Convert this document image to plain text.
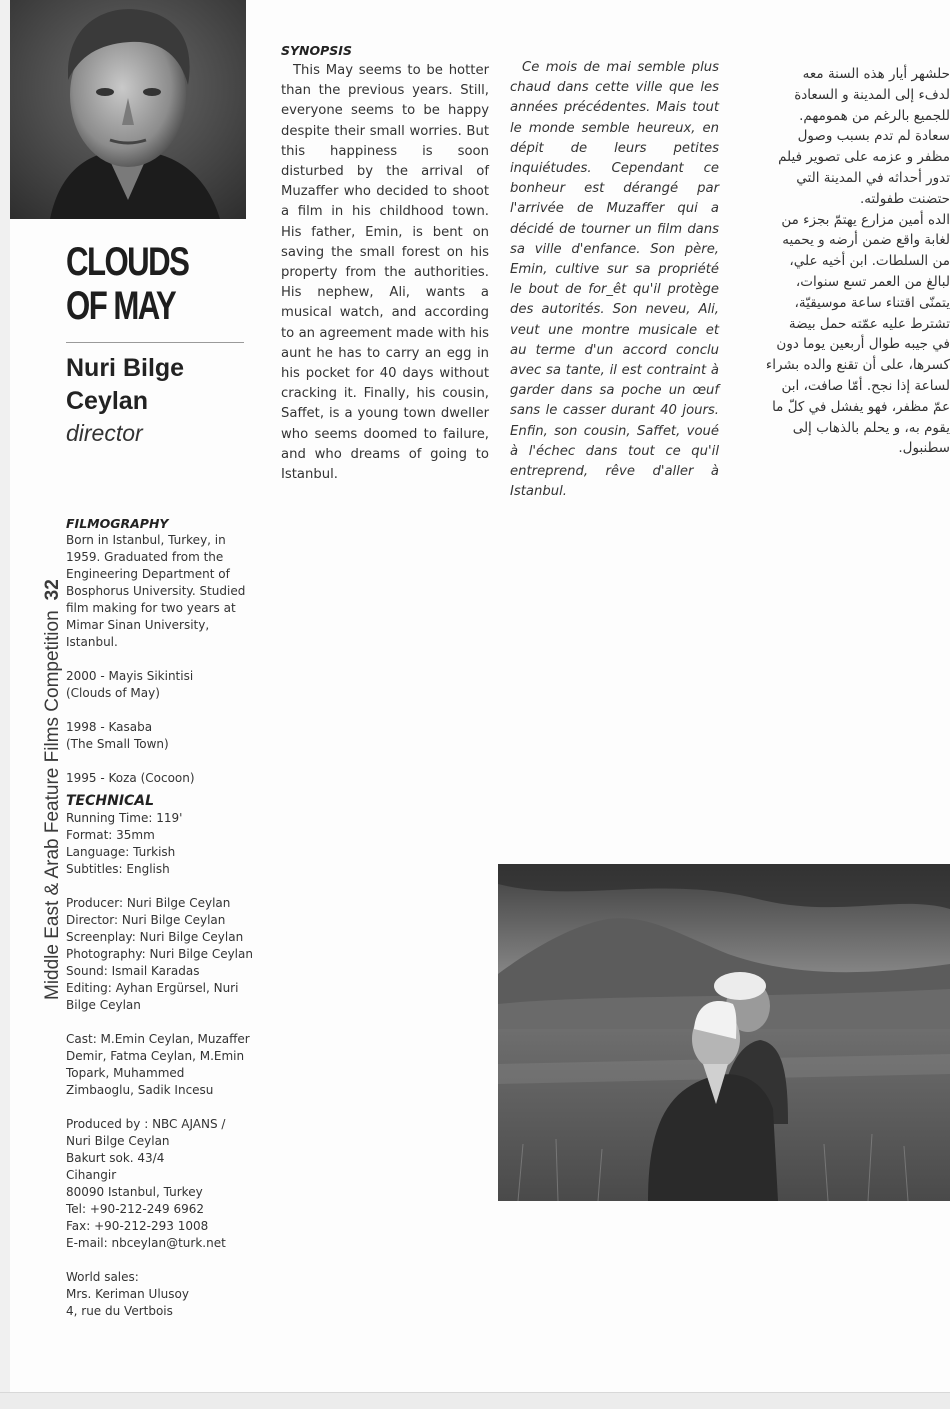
CLOUDS
OF MAY
Nuri Bilge Ceylan
director
Middle East & Arab Feature Films Competition32
FILMOGRAPHY

Born in Istanbul, Turkey, in 1959. Graduated from the Engineering Department of Bosphorus University. Studied film making for two years at Mimar Sinan University, Istanbul.

2000 - Mayis Sikintisi

(Clouds of May)

1998 - Kasaba

(The Small Town)

1995 - Koza (Cocoon)

TECHNICAL

Running Time: 119'

Format: 35mm

Language: Turkish

Subtitles: English

Producer: Nuri Bilge Ceylan

Director: Nuri Bilge Ceylan

Screenplay: Nuri Bilge Ceylan

Photography: Nuri Bilge Ceylan

Sound: Ismail Karadas

Editing: Ayhan Ergürsel, Nuri Bilge Ceylan

Cast: M.Emin Ceylan, Muzaffer Demir, Fatma Ceylan, M.Emin Topark, Muhammed Zimbaoglu, Sadik Incesu

Produced by : NBC AJANS /

Nuri Bilge Ceylan

Bakurt sok. 43/4

Cihangir

80090 Istanbul, Turkey

Tel: +90-212-249 6962

Fax: +90-212-293 1008

E-mail: nbceylan@turk.net

World sales:

Mrs. Keriman Ulusoy

4, rue du Vertbois

SYNOPSIS
This May seems to be hotter than the previous years. Still, everyone seems to be happy despite their small worries. But this happiness is soon disturbed by the arrival of Muzaffer who decided to shoot a film in his childhood town. His father, Emin, is bent on saving the small forest on his property from the authorities. His nephew, Ali, wants a musical watch, and according to an agreement made with his aunt he has to carry an egg in his pocket for 40 days without cracking it. Finally, his cousin, Saffet, is a young town dweller who seems doomed to failure, and who dreams of going to Istanbul.
Ce mois de mai semble plus chaud dans cette ville que les années précédentes. Mais tout le monde semble heureux, en dépit de leurs petites inquiétudes. Cependant ce bonheur est dérangé par l'arrivée de Muzaffer qui a décidé de tourner un film dans sa ville d'enfance. Son père, Emin, cultive sur sa propriété le bout de for_êt qu'il protège des autorités. Son neveu, Ali, veut une montre musicale et au terme d'un accord conclu avec sa tante, il est contraint à garder dans sa poche un œuf sans le casser durant 40 jours. Enfin, son cousin, Saffet, voué à l'échec dans tout ce qu'il entreprend, rêve d'aller à Istanbul.
حلشهر أيار هذه السنة معه
لدفء إلى المدينة و السعادة
للجميع بالرغم من همومهم.
سعادة لم تدم بسبب وصول
مظفر و عزمه على تصوير فيلم
تدور أحداثه في المدينة التي
حتضنت طفولته.
الده أمين مزارع يهتمّ بجزء من
لغابة واقع ضمن أرضه و يحميه
من السلطات. ابن أخيه علي،
لبالغ من العمر تسع سنوات،
يتمنّى اقتناء ساعة موسيقيّة،
تشترط عليه عمّته حمل بيضة
في جيبه طوال أربعين يوما دون
كسرها، على أن تقنع والده بشراء
لساعة إذا نجح. أمّا صافت، ابن
عمّ مظفر، فهو يفشل في كلّ ما
يقوم به، و يحلم بالذهاب إلى
سطنبول.
